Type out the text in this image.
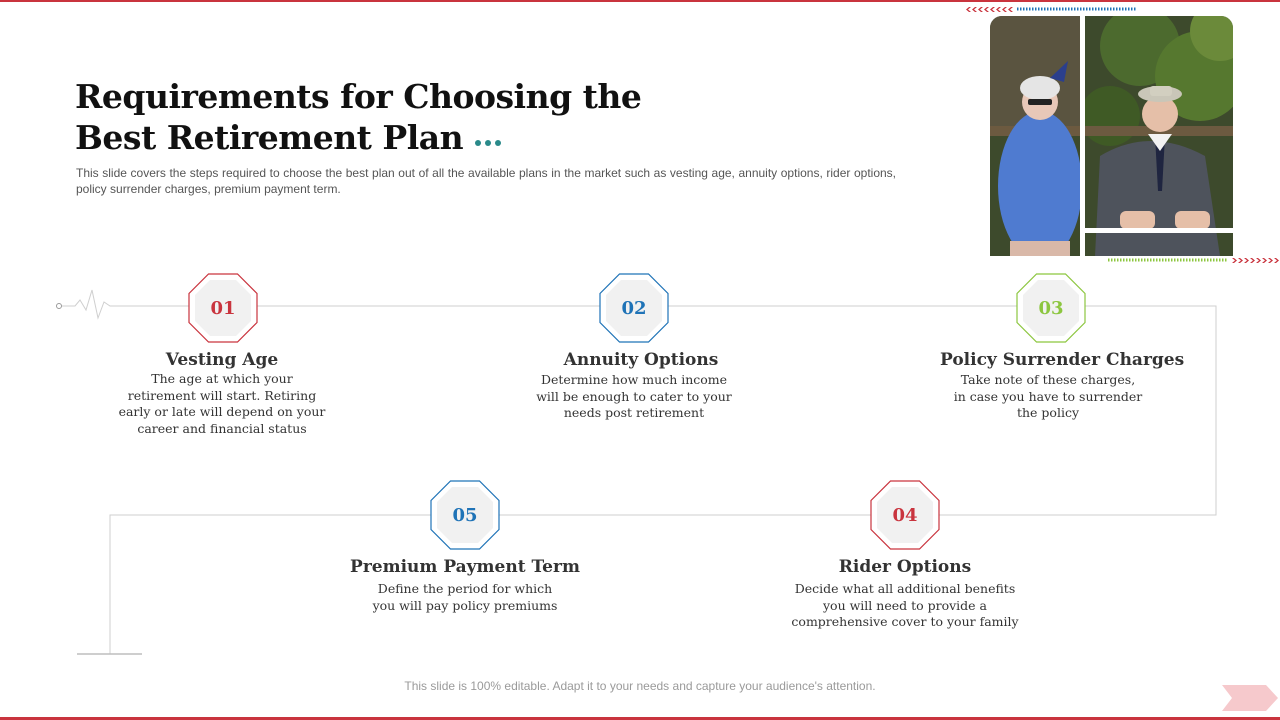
Requirements for Choosing the
Best Retirement Plan
This slide covers the steps required to choose the best plan out of all the available plans in the market such as vesting age, annuity options, rider options, policy surrender charges, premium payment term.
01
Vesting Age
The age at which your retirement will start. Retiring early or late will depend on your career and financial status
02
Annuity Options
Determine how much income will be enough to cater to your needs post retirement
03
Policy Surrender Charges
Take note of these charges, in case you have to surrender the policy
04
Rider Options
Decide what all additional benefits you will need to provide a comprehensive cover to your family
05
Premium Payment Term
Define the period for which you will pay policy premiums
This slide is 100% editable. Adapt it to your needs and capture your audience's attention.
